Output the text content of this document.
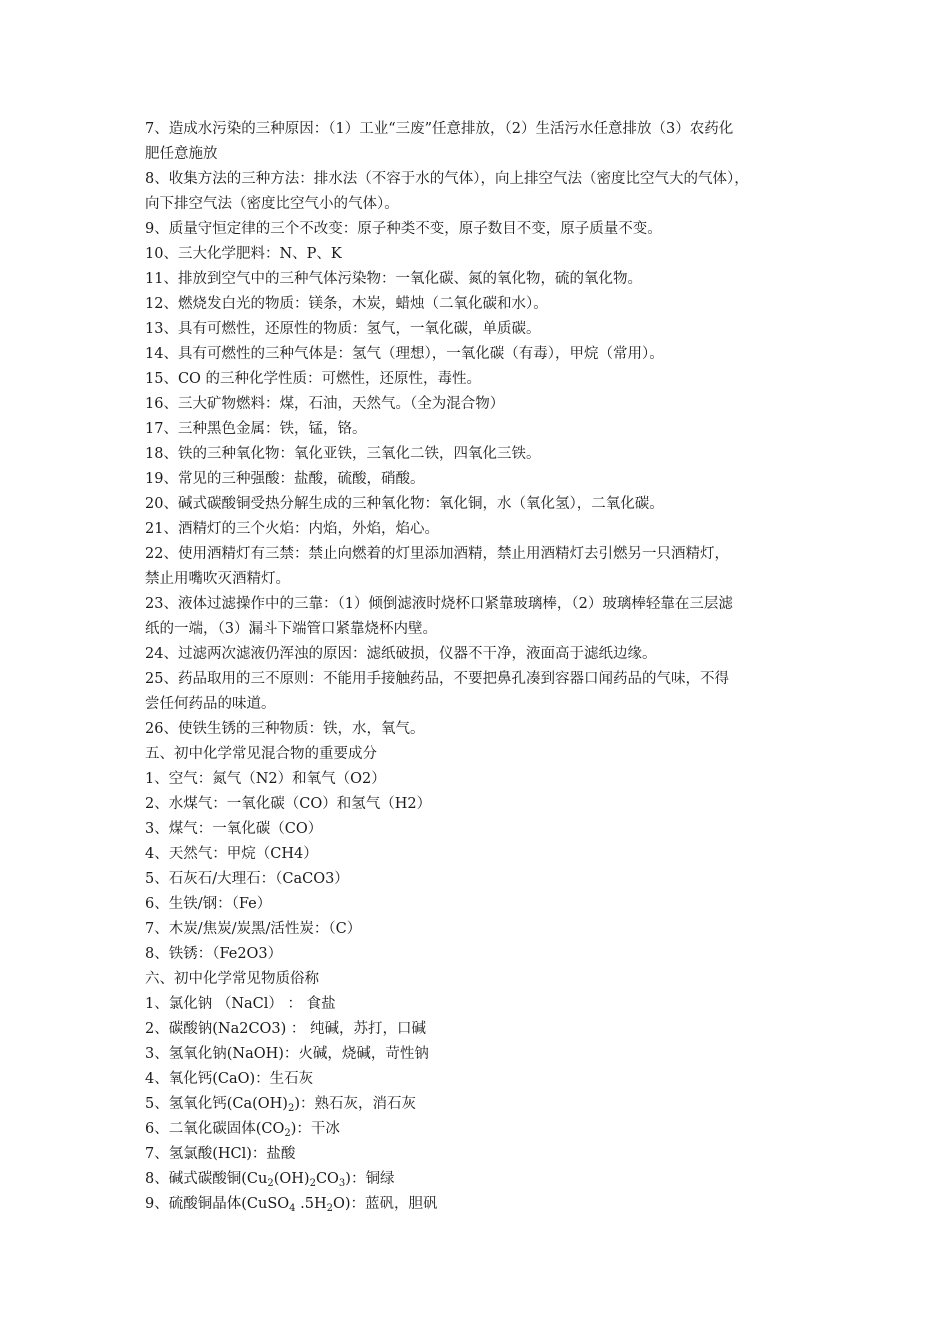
7、造成水污染的三种原因：（1）工业“三废”任意排放，（2）生活污水任意排放（3）农药化
肥任意施放
8、收集方法的三种方法：排水法（不容于水的气体），向上排空气法（密度比空气大的气体），
向下排空气法（密度比空气小的气体）。
9、质量守恒定律的三个不改变：原子种类不变，原子数目不变，原子质量不变。
10、三大化学肥料：N、P、K
11、排放到空气中的三种气体污染物：一氧化碳、氮的氧化物，硫的氧化物。
12、燃烧发白光的物质：镁条，木炭，蜡烛（二氧化碳和水）。
13、具有可燃性，还原性的物质：氢气，一氧化碳，单质碳。
14、具有可燃性的三种气体是：氢气（理想），一氧化碳（有毒），甲烷（常用）。
15、CO 的三种化学性质：可燃性，还原性，毒性。
16、三大矿物燃料：煤，石油，天然气。（全为混合物）
17、三种黑色金属：铁，锰，铬。
18、铁的三种氧化物：氧化亚铁，三氧化二铁，四氧化三铁。
19、常见的三种强酸：盐酸，硫酸，硝酸。
20、碱式碳酸铜受热分解生成的三种氧化物：氧化铜，水（氧化氢），二氧化碳。
21、酒精灯的三个火焰：内焰，外焰，焰心。
22、使用酒精灯有三禁：禁止向燃着的灯里添加酒精，禁止用酒精灯去引燃另一只酒精灯，
禁止用嘴吹灭酒精灯。
23、液体过滤操作中的三靠：（1）倾倒滤液时烧杯口紧靠玻璃棒，（2）玻璃棒轻靠在三层滤
纸的一端，（3）漏斗下端管口紧靠烧杯内壁。
24、过滤两次滤液仍浑浊的原因：滤纸破损，仪器不干净，液面高于滤纸边缘。
25、药品取用的三不原则：不能用手接触药品，不要把鼻孔凑到容器口闻药品的气味，不得
尝任何药品的味道。
26、使铁生锈的三种物质：铁，水，氧气。
五、初中化学常见混合物的重要成分
1、空气：氮气（N2）和氧气（O2）
2、水煤气：一氧化碳（CO）和氢气（H2）
3、煤气：一氧化碳（CO）
4、天然气：甲烷（CH4）
5、石灰石/大理石：（CaCO3）
6、生铁/钢：（Fe）
7、木炭/焦炭/炭黑/活性炭：（C）
8、铁锈：（Fe2O3）
六、初中化学常见物质俗称
1、氯化钠 （NaCl） ： 食盐
2、碳酸钠(Na2CO3) ： 纯碱，苏打，口碱
3、氢氧化钠(NaOH)：火碱，烧碱，苛性钠
4、氧化钙(CaO)：生石灰
5、氢氧化钙$(Ca(OH)_2)$：熟石灰，消石灰
6、二氧化碳固体$(CO_2)$：干冰
7、氢氯酸(HCl)：盐酸
8、碱式碳酸铜$(Cu_2(OH)_2CO_3)$：铜绿
9、硫酸铜晶体(CuSO$_4$ $.5H_2O$)：蓝矾，胆矾
